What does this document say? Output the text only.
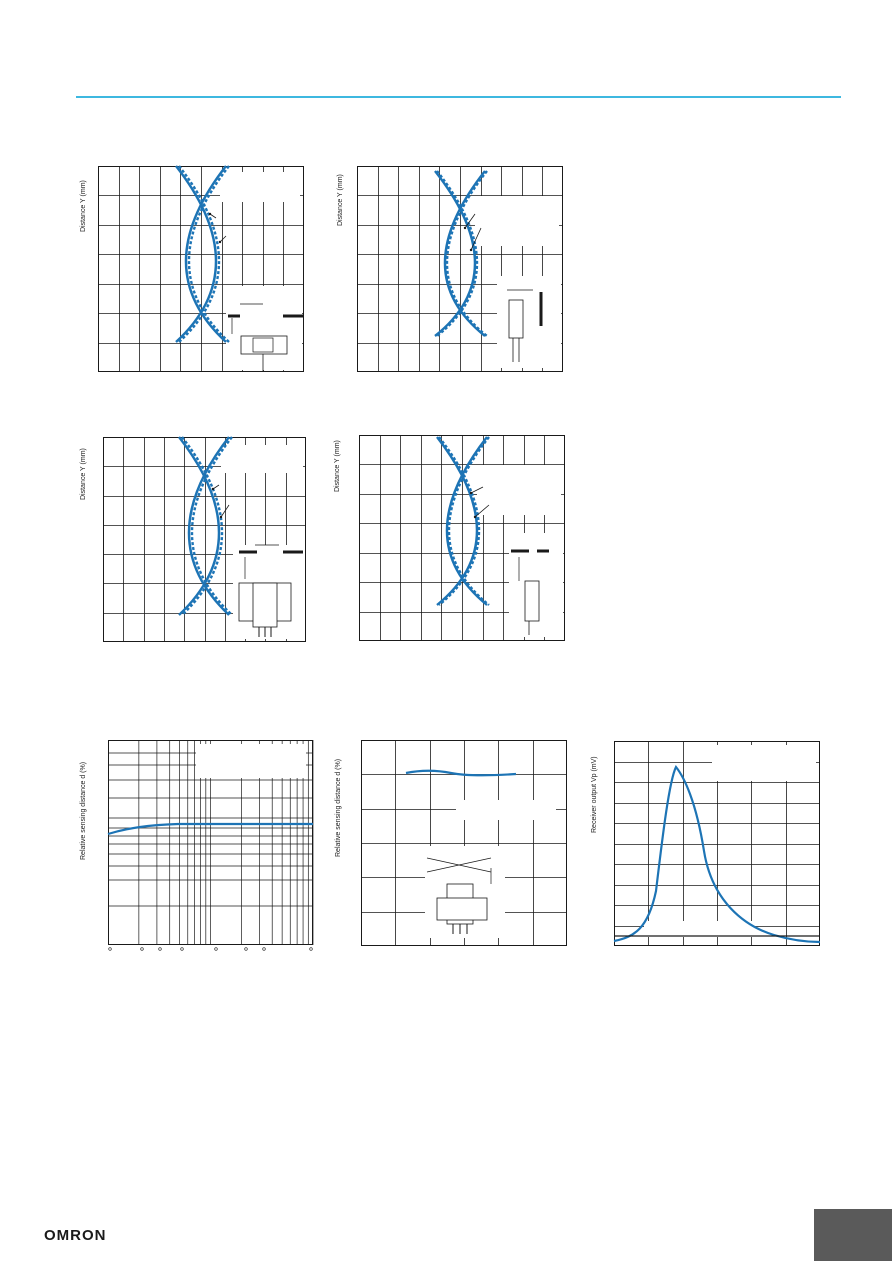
Distance Y (mm)	Distance Y (mm)
Distance Y (mm)	Distance Y (mm)
Relative sensing distance d (%)	Relative sensing distance d (%)	Receiver output Vp (mV)
OMRON
